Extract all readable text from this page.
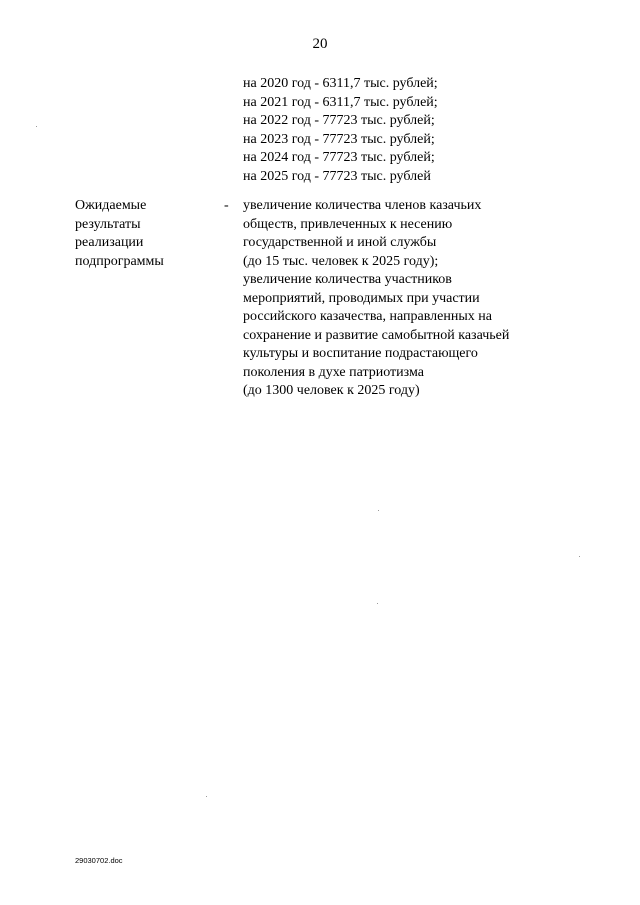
20
на 2020 год - 6311,7 тыс. рублей;
на 2021 год - 6311,7 тыс. рублей;
на 2022 год - 77723 тыс. рублей;
на 2023 год - 77723 тыс. рублей;
на 2024 год - 77723 тыс. рублей;
на 2025 год - 77723 тыс. рублей
Ожидаемые
результаты
реализации
подпрограммы
- увеличение количества членов казачьих
обществ, привлеченных к несению
государственной и иной службы
(до 15 тыс. человек к 2025 году);
увеличение количества участников
мероприятий, проводимых при участии
российского казачества, направленных на
сохранение и развитие самобытной казачьей
культуры и воспитание подрастающего
поколения в духе патриотизма
(до 1300 человек к 2025 году)
29030702.doc
